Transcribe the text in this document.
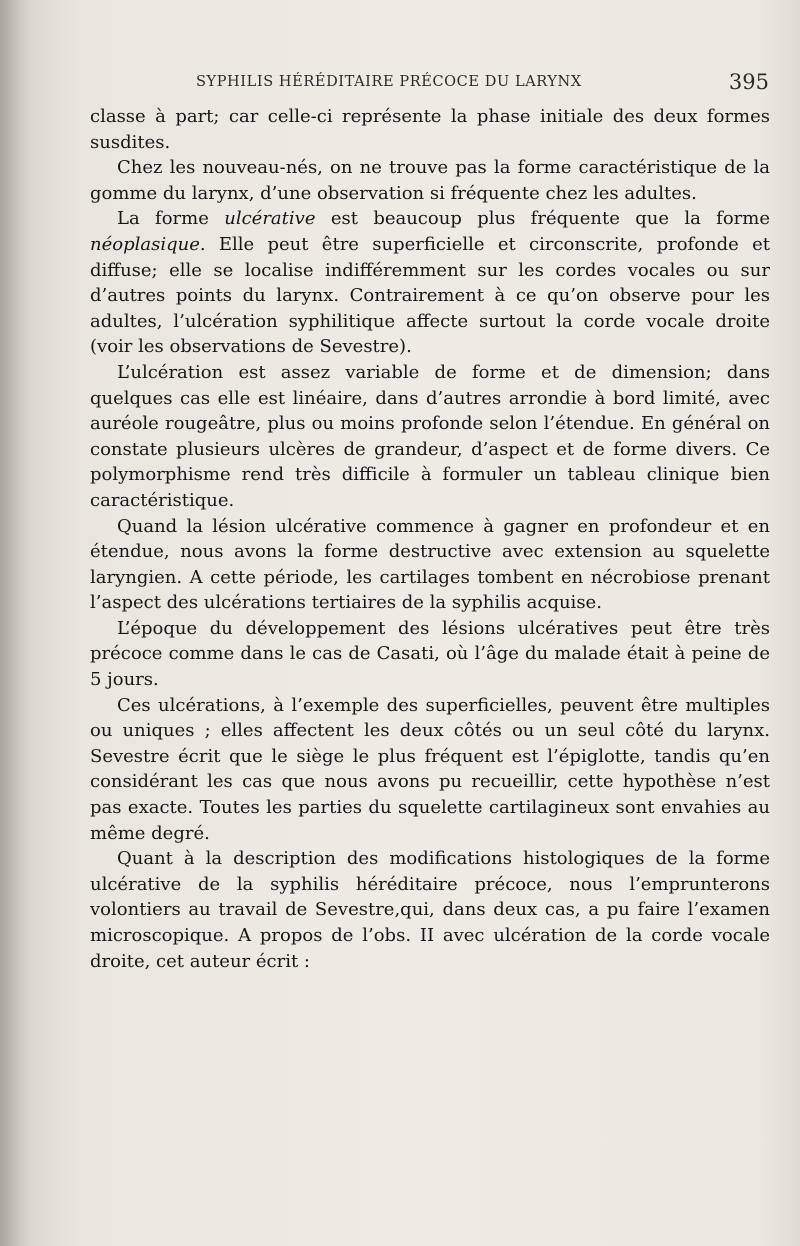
SYPHILIS HÉRÉDITAIRE PRÉCOCE DU LARYNX	395

classe à part; car celle-ci représente la phase initiale des deux formes susdites.

Chez les nouveau-nés, on ne trouve pas la forme caractéristique de la gomme du larynx, d’une observation si fréquente chez les adultes.

La forme ulcérative est beaucoup plus fréquente que la forme néoplasique. Elle peut être superficielle et circonscrite, profonde et diffuse; elle se localise indifféremment sur les cordes vocales ou sur d’autres points du larynx. Contrairement à ce qu’on observe pour les adultes, l’ulcération syphilitique affecte surtout la corde vocale droite (voir les observations de Sevestre).

L’ulcération est assez variable de forme et de dimension; dans quelques cas elle est linéaire, dans d’autres arrondie à bord limité, avec auréole rougeâtre, plus ou moins profonde selon l’étendue. En général on constate plusieurs ulcères de grandeur, d’aspect et de forme divers. Ce polymorphisme rend très difficile à formuler un tableau clinique bien caractéristique.

Quand la lésion ulcérative commence à gagner en profondeur et en étendue, nous avons la forme destructive avec extension au squelette laryngien. A cette période, les cartilages tombent en nécrobiose prenant l’aspect des ulcérations tertiaires de la syphilis acquise.

L’époque du développement des lésions ulcératives peut être très précoce comme dans le cas de Casati, où l’âge du malade était à peine de 5 jours.

Ces ulcérations, à l’exemple des superficielles, peuvent être multiples ou uniques ; elles affectent les deux côtés ou un seul côté du larynx. Sevestre écrit que le siège le plus fréquent est l’épiglotte, tandis qu’en considérant les cas que nous avons pu recueillir, cette hypothèse n’est pas exacte. Toutes les parties du squelette cartilagineux sont envahies au même degré.

Quant à la description des modifications histologiques de la forme ulcérative de la syphilis héréditaire précoce, nous l’emprunterons volontiers au travail de Sevestre,qui, dans deux cas, a pu faire l’examen microscopique. A propos de l’obs. II avec ulcération de la corde vocale droite, cet auteur écrit :
